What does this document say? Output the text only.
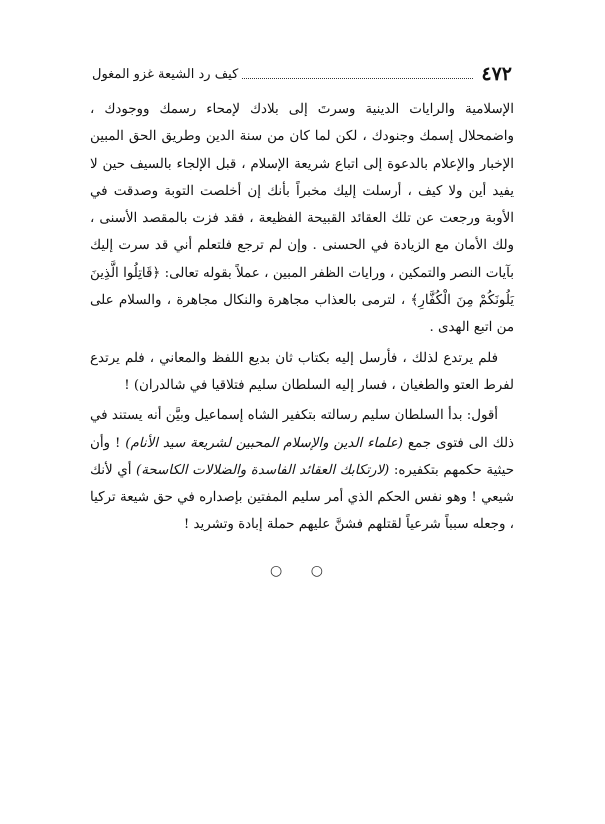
٤٧٢
كيف رد الشيعة غزو المغول

الإسلامية والرايات الدينية وسرتَ إلى بلادك لإمحاء رسمك ووجودك ، واضمحلال إسمك وجنودك ، لكن لما كان من سنة الدين وطريق الحق المبين الإخبار والإعلام بالدعوة إلى اتباع شريعة الإسلام ، قبل الإلجاء بالسيف حين لا يفيد أين ولا كيف ، أرسلت إليك مخبراً بأنك إن أخلصت التوبة وصدقت في الأوبة ورجعت عن تلك العقائد القبيحة الفظيعة ، فقد فزت بالمقصد الأسنى ، ولك الأمان مع الزيادة في الحسنى . وإن لم ترجع فلتعلم أني قد سرت إليك بآيات النصر والتمكين ، ورايات الظفر المبين ، عملاً بقوله تعالى: ﴿قَاتِلُوا الَّذِينَ يَلُونَكُمْ مِنَ الْكُفَّارِ﴾ ، لترمى بالعذاب مجاهرة والنكال مجاهرة ، والسلام على من اتبع الهدى .

فلم يرتدع لذلك ، فأرسل إليه بكتاب ثان بديع اللفظ والمعاني ، فلم يرتدع لفرط العتو والطغيان ، فسار إليه السلطان سليم فتلاقيا في شالدران) !

أقول: بدأ السلطان سليم رسالته بتكفير الشاه إسماعيل وبيَّن أنه يستند في ذلك الى فتوى جمع (علماء الدين والإسلام المحبين لشريعة سيد الأنام) ! وأن حيثية حكمهم بتكفيره: (لارتكابك العقائد الفاسدة والضلالات الكاسحة) أي لأنك شيعي ! وهو نفس الحكم الذي أمر سليم المفتين بإصداره في حق شيعة تركيا ، وجعله سبباً شرعياً لقتلهم فشنَّ عليهم حملة إبادة وتشريد !

○ ○
